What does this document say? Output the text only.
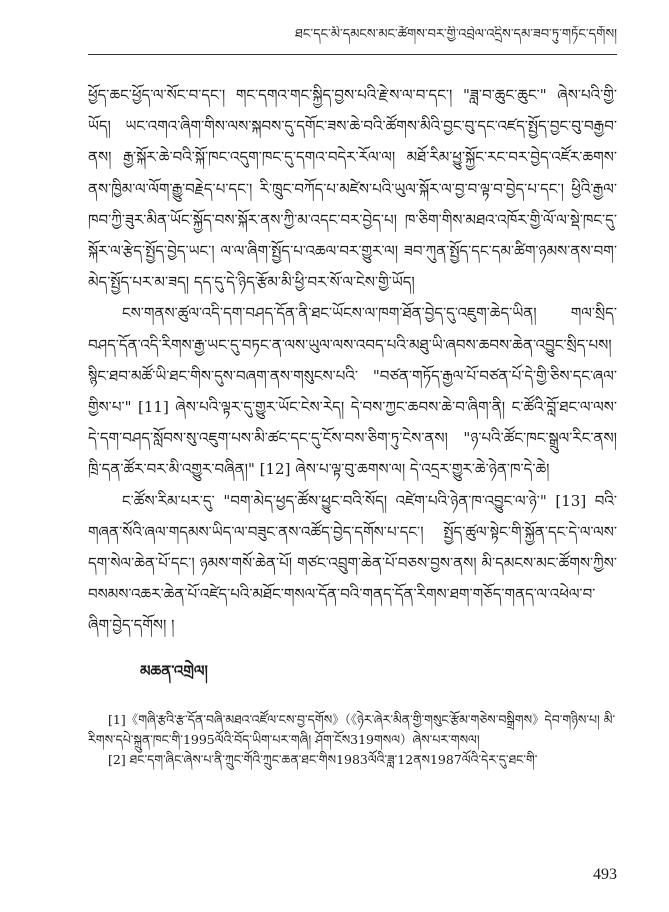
ཐང་དང་མི་དམངས་མང་ཚོགས་བར་གྱི་འབྲེལ་འདྲིས་དམ་ཟབ་ཏུ་གཏོང་དགོས།

ཕྱོད་ཆང་ཕྱོད་ལ་སོང་བ་དང་། གང་དགའ་གང་སྐྱིད་བྱས་པའི་རྗེ་ས་ལ་བ་དང་། "ཟླ་བ་ཆུང་ཆུང་" ཞེས་པའི་གྱི་ཡོད། ཡང་འགའ་ཞིག་གིས་ལས་སྐབས་དུ་དགོང་ཟས་ཆེ་བའི་ཚོགས་མིའི་བྱང་བུ་དང་འཛད་སྤྱོད་བྱང་བུ་བརྒྱབ་ནས། རྒྱ་སྐོར་ཆེ་བའི་སྐོ་ཁང་འདུག་ཁང་དུ་དགའ་བདེར་རོལ་ལ། མཐོ་རིམ་ཕྱུ་སྐྱོང་རང་བར་བྱེད་འཛོར་ཆགས་ནས་ཁྱིམ་ལ་ལོག་རྒྱུ་བརྗེད་པ་དང་། རི་ཁྲུང་བཀོད་པ་མཛེས་པའི་ཡུལ་སྐོར་ལ་བྱ་བ་ལྟ་བ་བྱེད་པ་དང་། ཕྱིའི་རྒྱལ་ཁབ་ཀྱི་ཟུར་མིན་ཡོང་སྐྱོད་བས་སྐོར་ནས་ཀྱི་མ་འདང་བར་བྱེད་པ། ཁ་ཅིག་གིས་མཐའ་འཁོར་གྱི་ལོ་ལ་སྡེ་ཁང་དུ་སྐོར་ལ་རྩེད་སྤྱོད་བྱེད་ཡང་། ལ་ལ་ཞིག་སྤྱོད་པ་འཆལ་བར་གྱུར་ལ། ཟབ་ཀུན་སྤྱོད་དང་དམ་ཚིག་ཉམས་ནས་བག་མེད་སྤྱོད་པར་མ་ཟད། དད་དུ་དེ་ཉིད་རྩོམ་མི་ཕྱི་བར་སོ་ལ་ངེས་གྱི་ཡོད།

ངས་གནས་ཚུལ་འདི་དག་བཤད་དོན་ནི་ཐང་ཡོངས་ལ་ཁག་ཐོན་བྱེད་དུ་འཇུག་ཆེད་ཡིན། གལ་སྲིད་བཤད་དོན་འདི་རིགས་རྒྱ་ཡང་དུ་བཏང་ན་ལས་ཡུལ་ལས་འབད་པའི་མཐུ་ཡི་ཞབས་ཆབས་ཆེན་འབྱུང་སྲིད་པས། སྙིང་ཐབ་མཚོ་ཡི་ཐང་གིས་དུས་བཞག་ནས་གསུངས་པའི་ "བཙན་གཏོད་རྒྱལ་པོ་བཙན་པོ་དེ་གྱི་ཅིས་དང་ཞལ་གྱིས་པ་" [11] ཞེས་པའི་ལྟར་དུ་གྱུར་ཡོང་ངེས་རེད། དེ་བས་ཀྱང་ཆབས་ཆེ་བ་ཞིག་ནི། ང་ཚོའི་བློ་ཐང་ལ་ལས་དེ་དག་བཤད་སློབས་སུ་འཇུག་པས་མི་ཚང་དང་དུ་ངོས་བས་ཅིག་ཏུ་ངེས་ནས། "ཉ་པའི་ཚོང་ཁང་སྒྲུལ་རིང་ནས། ཁྲི་དན་ཚོར་བར་མི་འགྱུར་བཞིན།" [12] ཞེས་པ་ལྟ་བུ་ཆགས་ལ། དེ་འདྲར་གྱུར་ཆེ་ཉེན་ཁ་དེ་ཆེ།

ང་ཚོས་རིམ་པར་དུ་ "བག་མེད་ཕྱད་ཚོས་ཕྱུང་བའི་སོད། འཛེག་པའི་ཉེན་ཁ་འབྱུང་ལ་ཉེ་" [13] བའི་གཞན་སོའི་ཞལ་གདམས་ཡིད་ལ་བཟུང་ནས་འཚོད་བྱེད་དགོས་པ་དང་། སྤྱོད་ཚུལ་སྟེང་གི་སྐྱོན་དང་དེ་ལ་ལས་དག་སེལ་ཆེན་པོ་དང་། ཉམས་གསོ་ཆེན་པོ། གཙང་འབྲུག་ཆེན་པོ་བཅས་བྱས་ནས། མི་དམངས་མང་ཚོགས་ཀྱིས་བསམས་འཆར་ཆེན་པོ་འཛེད་པའི་མཐོང་གསལ་དོན་བའི་གནད་དོན་རིགས་ཐག་གཅོད་གནད་ལ་འཕེལ་བ་ཞིག་བྱེད་དགོས། །

མཆན་འགྲེལ།

[1]《གཞི་རྩའི་རྩ་དོན་བཞི་མཐའ་འཛོལ་ངས་བྱ་དགོས》（《ཉེར་ཞེར་མིན་གྱི་གསུང་རྩོམ་གཅེས་བསྒྲིགས》དེབ་གཉིས་པ། མི་རིགས་དཔེ་སྐྲུན་ཁང་གི་1995ལོའི་བོད་ཡིག་པར་གཞི། ཤོག་ངོས319གསལ）ཞེས་པར་གསལ།

[2] ཐང་དག་ཞིང་ཞེས་པ་ནི་ཀྲུང་གོའི་ཀྲུང་ཆན་ཐང་གིས1983ལོའི་ཟླ་12ནས1987ལོའི་དེར་དུ་ཐང་གི་

493
